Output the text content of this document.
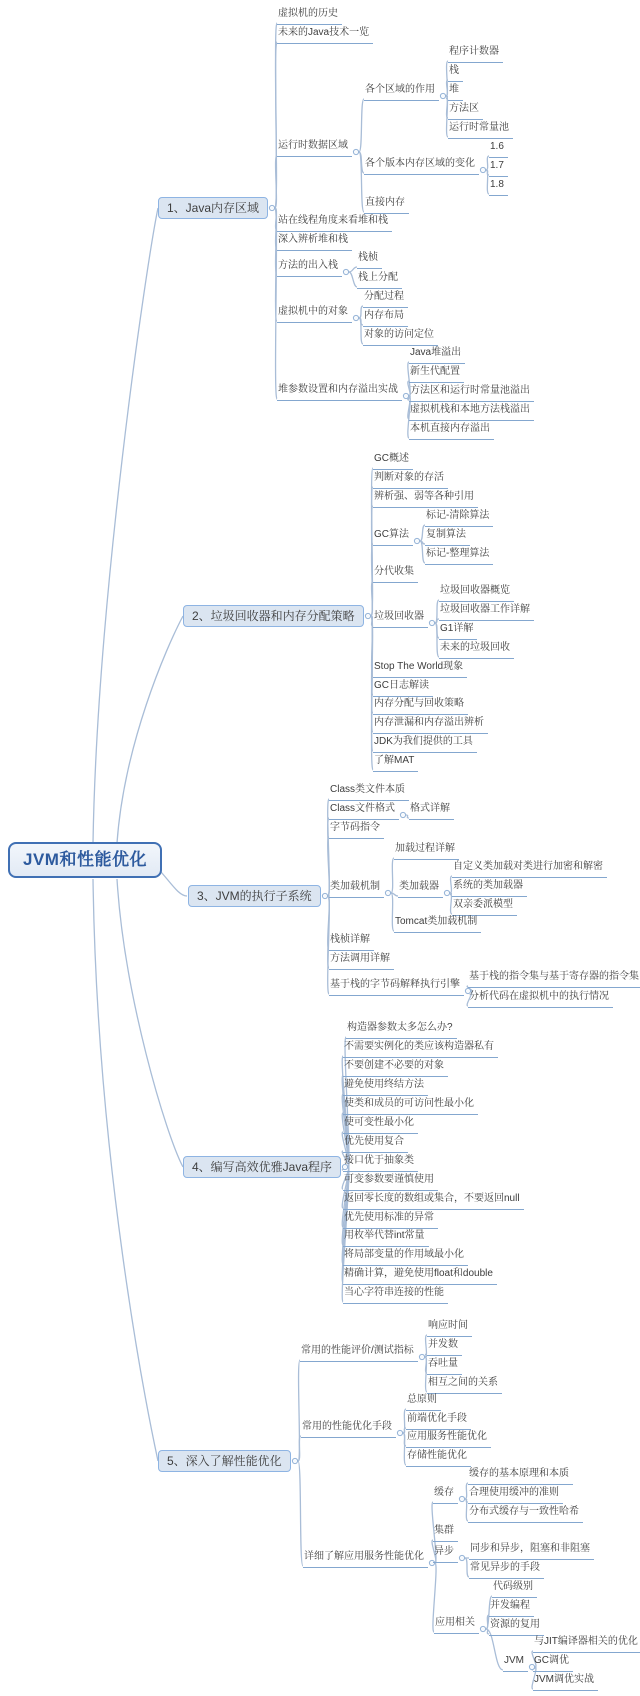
JVM和性能优化
1、Java内存区域
虚拟机的历史
未来的Java技术一览
运行时数据区域
各个区域的作用
程序计数器
栈
堆
方法区
运行时常量池
各个版本内存区域的变化
1.6
1.7
1.8
直接内存
站在线程角度来看堆和栈
深入辨析堆和栈
方法的出入栈
栈桢
栈上分配
虚拟机中的对象
分配过程
内存布局
对象的访问定位
堆参数设置和内存溢出实战
Java堆溢出
新生代配置
方法区和运行时常量池溢出
虚拟机栈和本地方法栈溢出
本机直接内存溢出
2、垃圾回收器和内存分配策略
GC概述
判断对象的存活
辨析强、弱等各种引用
GC算法
标记-清除算法
复制算法
标记-整理算法
分代收集
垃圾回收器
垃圾回收器概览
垃圾回收器工作详解
G1详解
未来的垃圾回收
Stop The World现象
GC日志解读
内存分配与回收策略
内存泄漏和内存溢出辨析
JDK为我们提供的工具
了解MAT
3、JVM的执行子系统
Class类文件本质
Class文件格式	格式详解
字节码指令
类加载机制
加载过程详解
类加载器
自定义类加载对类进行加密和解密
系统的类加载器
双亲委派模型
Tomcat类加载机制
栈桢详解
方法调用详解
基于栈的字节码解释执行引擎
基于栈的指令集与基于寄存器的指令集
分析代码在虚拟机中的执行情况
4、编写高效优雅Java程序
构造器参数太多怎么办?
不需要实例化的类应该构造器私有
不要创建不必要的对象
避免使用终结方法
使类和成员的可访问性最小化
使可变性最小化
优先使用复合
接口优于抽象类
可变参数要谨慎使用
返回零长度的数组或集合，不要返回null
优先使用标准的异常
用枚举代替int常量
将局部变量的作用域最小化
精确计算，避免使用float和double
当心字符串连接的性能
5、深入了解性能优化
常用的性能评价/测试指标
响应时间
并发数
吞吐量
相互之间的关系
常用的性能优化手段
总原则
前端优化手段
应用服务性能优化
存储性能优化
详细了解应用服务性能优化
缓存
缓存的基本原理和本质
合理使用缓冲的准则
分布式缓存与一致性哈希
集群
异步	同步和异步，阻塞和非阻塞
常见异步的手段
应用相关
代码级别
并发编程
资源的复用
JVM
与JIT编译器相关的优化
GC调优
JVM调优实战
